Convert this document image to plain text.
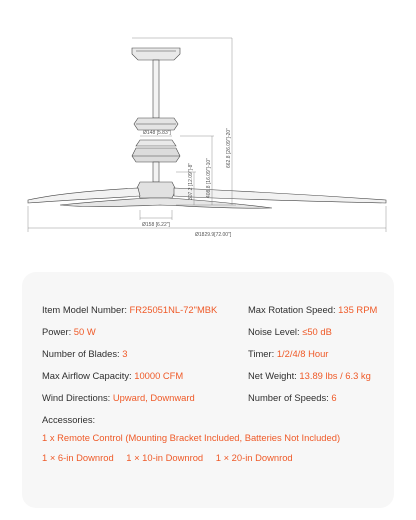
Ø148 [5.83"]
Ø158 [6.22"]
Ø1829.9[72.00"]
307.2 [12.09"]-8" 408.8 [16.09"]-10"
662.8 [26.09"]-20"
Item Model Number: FR25051NL-72"MBK
Power: 50 W
Number of Blades: 3
Max Airflow Capacity: 10000 CFM
Wind Directions: Upward, Downward
Max Rotation Speed: 135 RPM
Noise Level: ≤50 dB
Timer: 1/2/4/8 Hour
Net Weight: 13.89 lbs / 6.3 kg
Number of Speeds: 6
Accessories:
1 x Remote Control (Mounting Bracket Included, Batteries Not Included)
1 × 6-in Downrod 1 × 10-in Downrod 1 × 20-in Downrod
